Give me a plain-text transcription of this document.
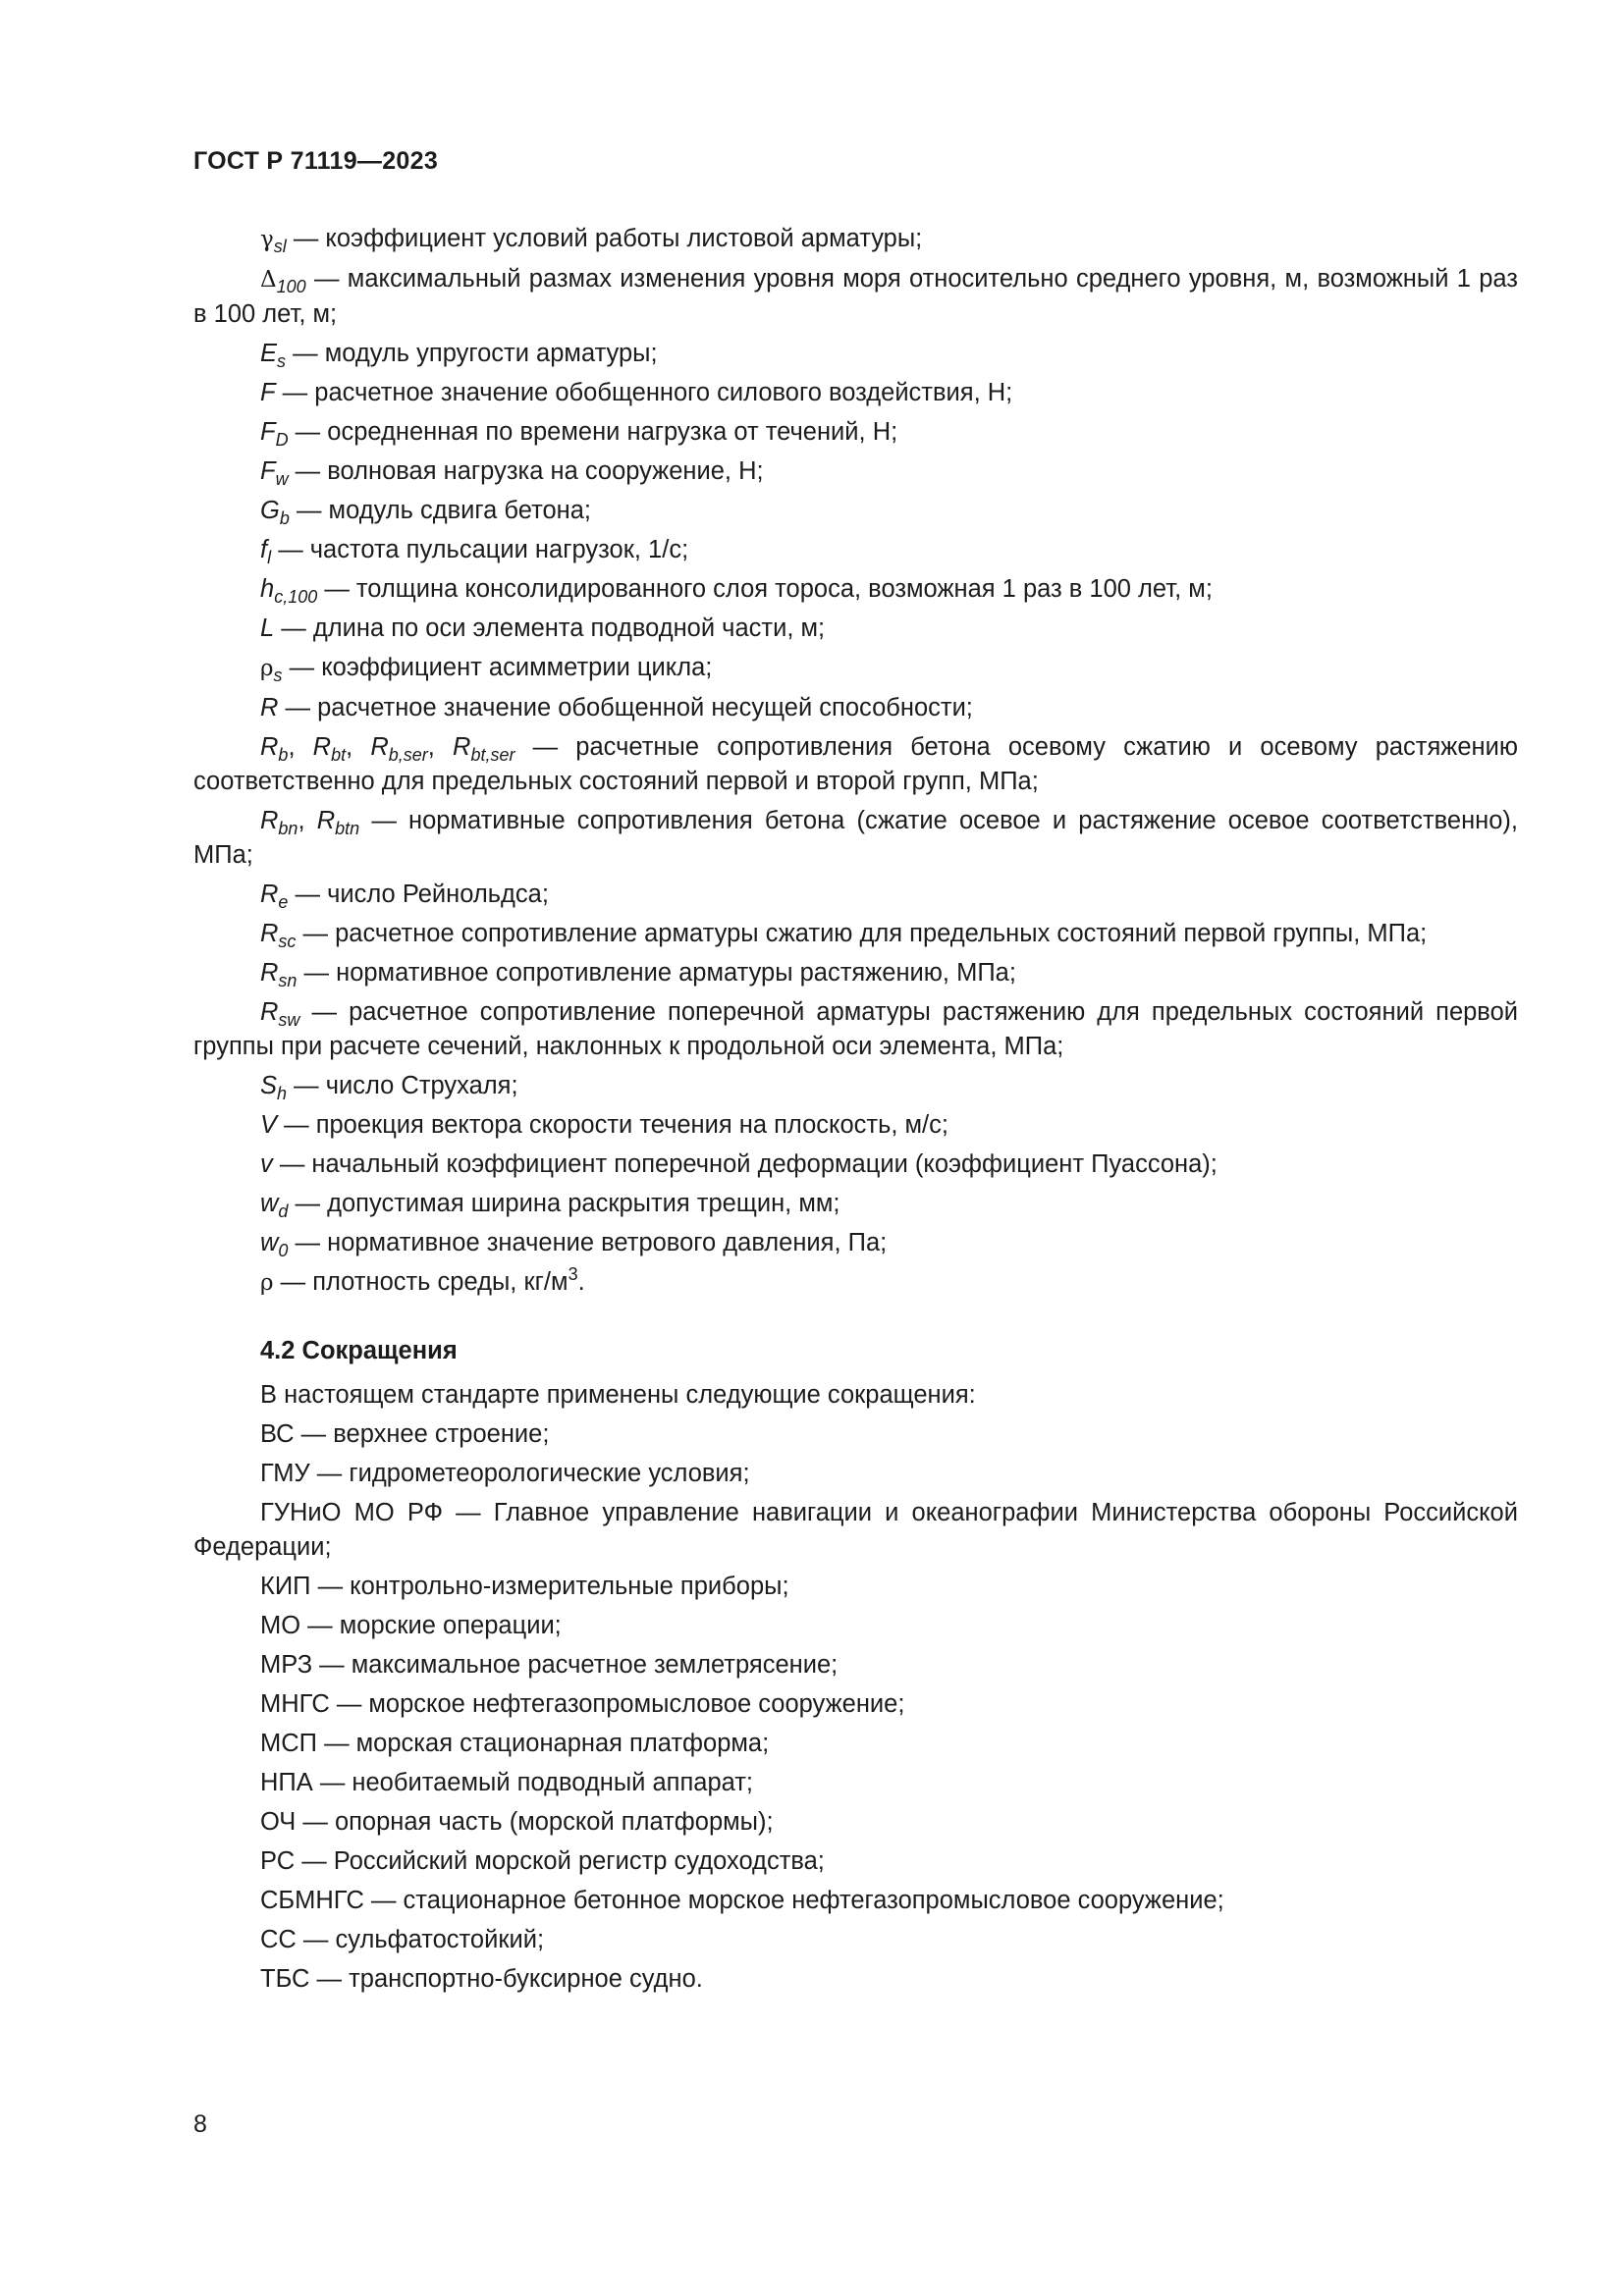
ГОСТ Р 71119—2023
$\gamma_{sl}$ — коэффициент условий работы листовой арматуры;
$\Delta_{100}$ — максимальный размах изменения уровня моря относительно среднего уровня, м, возможный 1 раз в 100 лет, м;
$E_s$ — модуль упругости арматуры;
F — расчетное значение обобщенного силового воздействия, Н;
$F_D$ — осредненная по времени нагрузка от течений, Н;
$F_w$ — волновая нагрузка на сооружение, Н;
$G_b$ — модуль сдвига бетона;
$f_l$ — частота пульсации нагрузок, 1/с;
$h_{c,100}$ — толщина консолидированного слоя тороса, возможная 1 раз в 100 лет, м;
L — длина по оси элемента подводной части, м;
$\rho_s$ — коэффициент асимметрии цикла;
R — расчетное значение обобщенной несущей способности;
$R_b$, $R_{bt}$, $R_{b,ser}$, $R_{bt,ser}$ — расчетные сопротивления бетона осевому сжатию и осевому растяжению соответственно для предельных состояний первой и второй групп, МПа;
$R_{bn}$, $R_{btn}$ — нормативные сопротивления бетона (сжатие осевое и растяжение осевое соответственно), МПа;
$R_e$ — число Рейнольдса;
$R_{sc}$ — расчетное сопротивление арматуры сжатию для предельных состояний первой группы, МПа;
$R_{sn}$ — нормативное сопротивление арматуры растяжению, МПа;
$R_{sw}$ — расчетное сопротивление поперечной арматуры растяжению для предельных состояний первой группы при расчете сечений, наклонных к продольной оси элемента, МПа;
$S_h$ — число Струхаля;
V — проекция вектора скорости течения на плоскость, м/с;
v — начальный коэффициент поперечной деформации (коэффициент Пуассона);
$w_d$ — допустимая ширина раскрытия трещин, мм;
$w_0$ — нормативное значение ветрового давления, Па;
ρ — плотность среды, $кг/м^3$.
4.2 Сокращения
В настоящем стандарте применены следующие сокращения:
ВС — верхнее строение;
ГМУ — гидрометеорологические условия;
ГУНиО МО РФ — Главное управление навигации и океанографии Министерства обороны Российской Федерации;
КИП — контрольно-измерительные приборы;
МО — морские операции;
МРЗ — максимальное расчетное землетрясение;
МНГС — морское нефтегазопромысловое сооружение;
МСП — морская стационарная платформа;
НПА — необитаемый подводный аппарат;
ОЧ — опорная часть (морской платформы);
РС — Российский морской регистр судоходства;
СБМНГС — стационарное бетонное морское нефтегазопромысловое сооружение;
СС — сульфатостойкий;
ТБС — транспортно-буксирное судно.
8
